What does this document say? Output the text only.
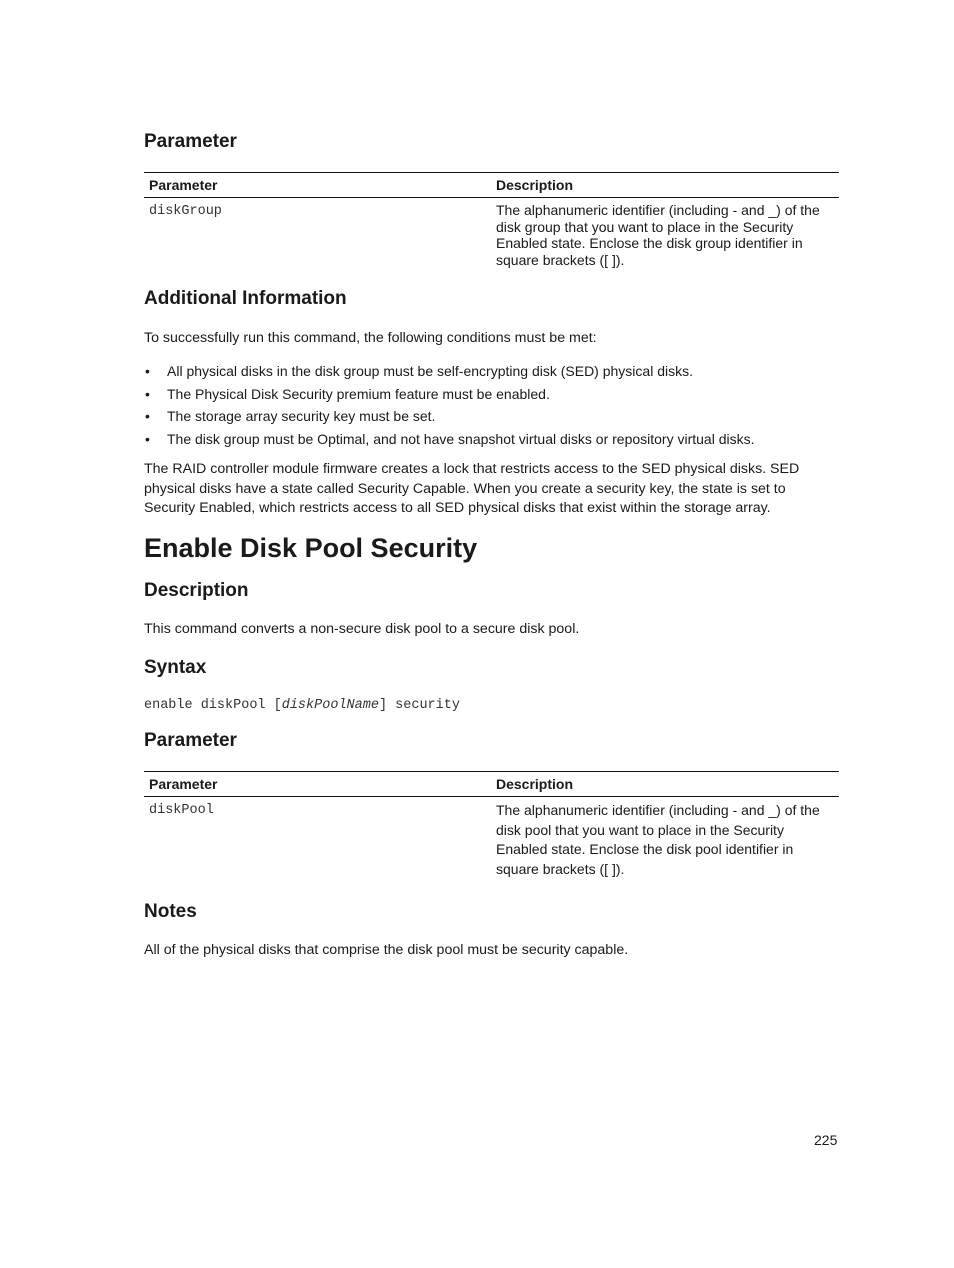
Parameter
Parameter	Description
diskGroup	The alphanumeric identifier (including - and _) of the disk group that you want to place in the Security Enabled state. Enclose the disk group identifier in square brackets ([ ]).
Additional Information

To successfully run this command, the following conditions must be met:

• All physical disks in the disk group must be self-encrypting disk (SED) physical disks.
• The Physical Disk Security premium feature must be enabled.
• The storage array security key must be set.
• The disk group must be Optimal, and not have snapshot virtual disks or repository virtual disks.

The RAID controller module firmware creates a lock that restricts access to the SED physical disks. SED physical disks have a state called Security Capable. When you create a security key, the state is set to Security Enabled, which restricts access to all SED physical disks that exist within the storage array.

Enable Disk Pool Security
Description

This command converts a non-secure disk pool to a secure disk pool.

Syntax

enable diskPool [diskPoolName] security

Parameter
Parameter	Description
diskPool	The alphanumeric identifier (including - and _) of the disk pool that you want to place in the Security Enabled state. Enclose the disk pool identifier in square brackets ([ ]).
Notes

All of the physical disks that comprise the disk pool must be security capable.

225
